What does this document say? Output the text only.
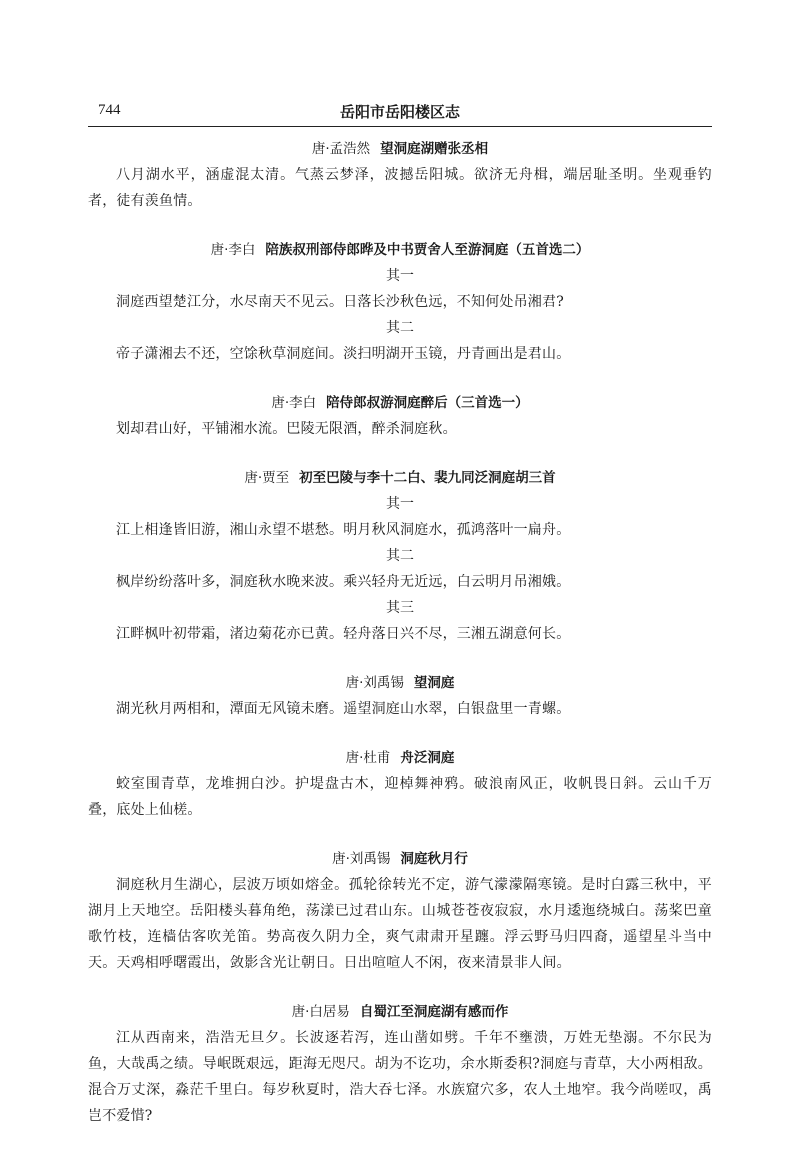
744	岳阳市岳阳楼区志
唐·孟浩然 望洞庭湖赠张丞相

八月湖水平，涵虚混太清。气蒸云梦泽，波撼岳阳城。欲济无舟楫，端居耻圣明。坐观垂钓者，徒有羡鱼情。

唐·李白 陪族叔刑部侍郎晔及中书贾舍人至游洞庭（五首选二）
其一

洞庭西望楚江分，水尽南天不见云。日落长沙秋色远，不知何处吊湘君?

其二

帝子潇湘去不还，空馀秋草洞庭间。淡扫明湖开玉镜，丹青画出是君山。

唐·李白 陪侍郎叔游洞庭醉后（三首选一）

划却君山好，平铺湘水流。巴陵无限酒，醉杀洞庭秋。

唐·贾至 初至巴陵与李十二白、裴九同泛洞庭胡三首
其一

江上相逢皆旧游，湘山永望不堪愁。明月秋风洞庭水，孤鸿落叶一扁舟。

其二

枫岸纷纷落叶多，洞庭秋水晚来波。乘兴轻舟无近远，白云明月吊湘娥。

其三

江畔枫叶初带霜，渚边菊花亦已黄。轻舟落日兴不尽，三湘五湖意何长。

唐·刘禹锡 望洞庭

湖光秋月两相和，潭面无风镜未磨。遥望洞庭山水翠，白银盘里一青螺。

唐·杜甫 舟泛洞庭

蛟室围青草，龙堆拥白沙。护堤盘古木，迎棹舞神鸦。破浪南风正，收帆畏日斜。云山千万叠，底处上仙槎。

唐·刘禹锡 洞庭秋月行

洞庭秋月生湖心，层波万顷如熔金。孤轮徐转光不定，游气濛濛隔寒镜。是时白露三秋中，平湖月上天地空。岳阳楼头暮角绝，荡漾已过君山东。山城苍苍夜寂寂，水月逶迤绕城白。荡桨巴童歌竹枝，连樯估客吹羌笛。势高夜久阴力全，爽气肃肃开星躔。浮云野马归四裔，遥望星斗当中天。天鸡相呼曙霞出，敛影含光让朝日。日出喧喧人不闲，夜来清景非人间。

唐·白居易 自蜀江至洞庭湖有感而作

江从西南来，浩浩无旦夕。长波逐若泻，连山凿如劈。千年不壅溃，万姓无垫溺。不尔民为鱼，大哉禹之绩。导岷既艰远，距海无咫尺。胡为不讫功，余水斯委积?洞庭与青草，大小两相敌。混合万丈深，淼茫千里白。每岁秋夏时，浩大吞七泽。水族窟穴多，农人土地窄。我今尚嗟叹，禹岂不爱惜?
